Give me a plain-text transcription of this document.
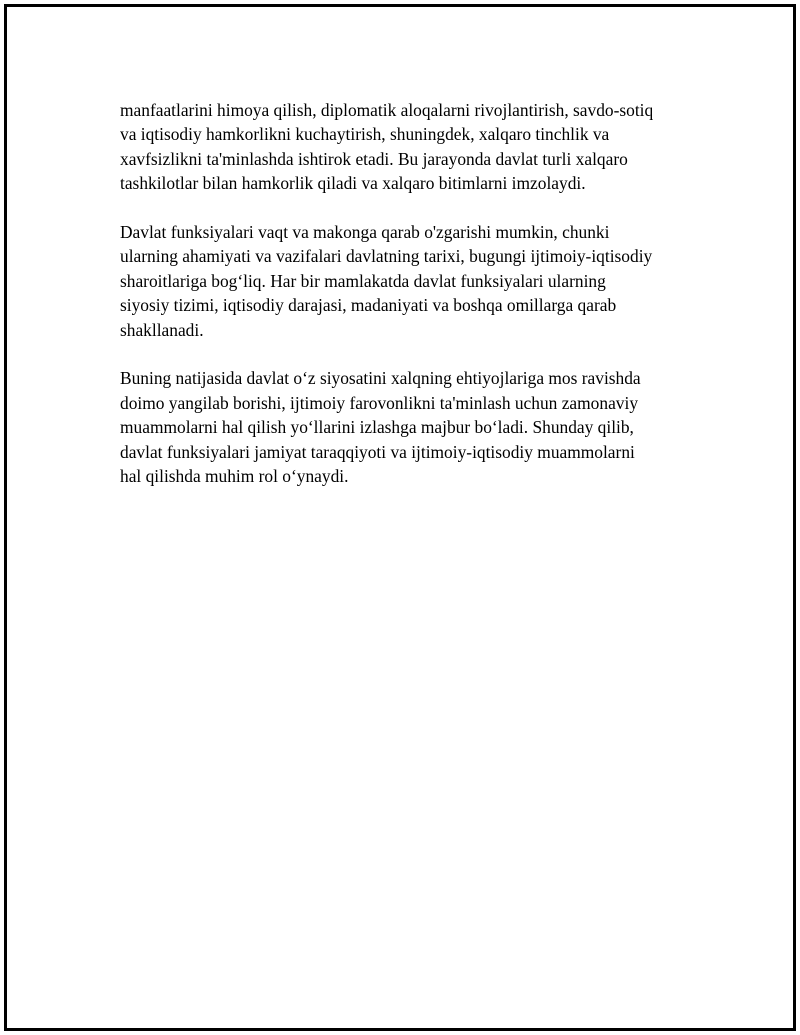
manfaatlarini himoya qilish, diplomatik aloqalarni rivojlantirish, savdo-sotiq
va iqtisodiy hamkorlikni kuchaytirish, shuningdek, xalqaro tinchlik va
xavfsizlikni ta'minlashda ishtirok etadi. Bu jarayonda davlat turli xalqaro
tashkilotlar bilan hamkorlik qiladi va xalqaro bitimlarni imzolaydi.

Davlat funksiyalari vaqt va makonga qarab o'zgarishi mumkin, chunki
ularning ahamiyati va vazifalari davlatning tarixi, bugungi ijtimoiy-iqtisodiy
sharoitlariga bog‘liq. Har bir mamlakatda davlat funksiyalari ularning
siyosiy tizimi, iqtisodiy darajasi, madaniyati va boshqa omillarga qarab
shakllanadi.

Buning natijasida davlat o‘z siyosatini xalqning ehtiyojlariga mos ravishda
doimo yangilab borishi, ijtimoiy farovonlikni ta'minlash uchun zamonaviy
muammolarni hal qilish yo‘llarini izlashga majbur bo‘ladi. Shunday qilib,
davlat funksiyalari jamiyat taraqqiyoti va ijtimoiy-iqtisodiy muammolarni
hal qilishda muhim rol o‘ynaydi.
